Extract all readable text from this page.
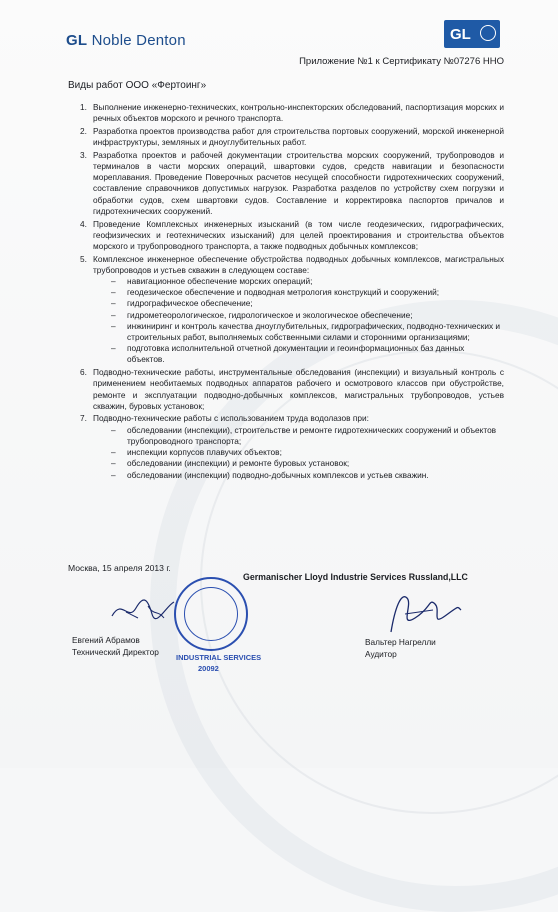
GL Noble Denton	GL
Приложение №1 к Сертификату №07276 ННО
Виды работ ООО «Фертоинг»
1. Выполнение инженерно-технических, контрольно-инспекторских обследований, паспортизация морских и речных объектов морского и речного транспорта.
2. Разработка проектов производства работ для строительства портовых сооружений, морской инженерной инфраструктуры, земляных и дноуглубительных работ.
3. Разработка проектов и рабочей документации строительства морских сооружений, трубопроводов и терминалов в части морских операций, швартовки судов, средств навигации и безопасности мореплавания. Проведение Поверочных расчетов несущей способности гидротехнических сооружений, составление справочников допустимых нагрузок. Разработка разделов по устройству схем погрузки и обработки судов, схем швартовки судов. Составление и корректировка паспортов причалов и гидротехнических сооружений.
4. Проведение Комплексных инженерных изысканий (в том числе геодезических, гидрографических, геофизических и геотехнических изысканий) для целей проектирования и строительства объектов морского и трубопроводного транспорта, а также подводных добычных комплексов;
5. Комплексное инженерное обеспечение обустройства подводных добычных комплексов, магистральных трубопроводов и устьев скважин в следующем составе:
– навигационное обеспечение морских операций;
– геодезическое обеспечение и подводная метрология конструкций и сооружений;
– гидрографическое обеспечение;
– гидрометеорологическое, гидрологическое и экологическое обеспечение;
– инжиниринг и контроль качества дноуглубительных, гидрографических, подводно-технических и строительных работ, выполняемых собственными силами и сторонними организациями;
– подготовка исполнительной отчетной документации и геоинформационных баз данных объектов.
6. Подводно-технические работы, инструментальные обследования (инспекции) и визуальный контроль с применением необитаемых подводных аппаратов рабочего и осмотрового классов при обустройстве, ремонте и эксплуатации подводно-добычных комплексов, магистральных трубопроводов, устьев скважин, буровых установок;
7. Подводно-технические работы с использованием труда водолазов при:
– обследовании (инспекции), строительстве и ремонте гидротехнических сооружений и объектов трубопроводного транспорта;
– инспекции корпусов плавучих объектов;
– обследовании (инспекции) и ремонте буровых установок;
– обследовании (инспекции) подводно-добычных комплексов и устьев скважин.
Москва, 15 апреля 2013 г.
Germanischer Lloyd Industrie Services Russland,LLC
INDUSTRIAL SERVICES
20092
Евгений Абрамов
Технический Директор
Вальтер Нагрелли
Аудитор
